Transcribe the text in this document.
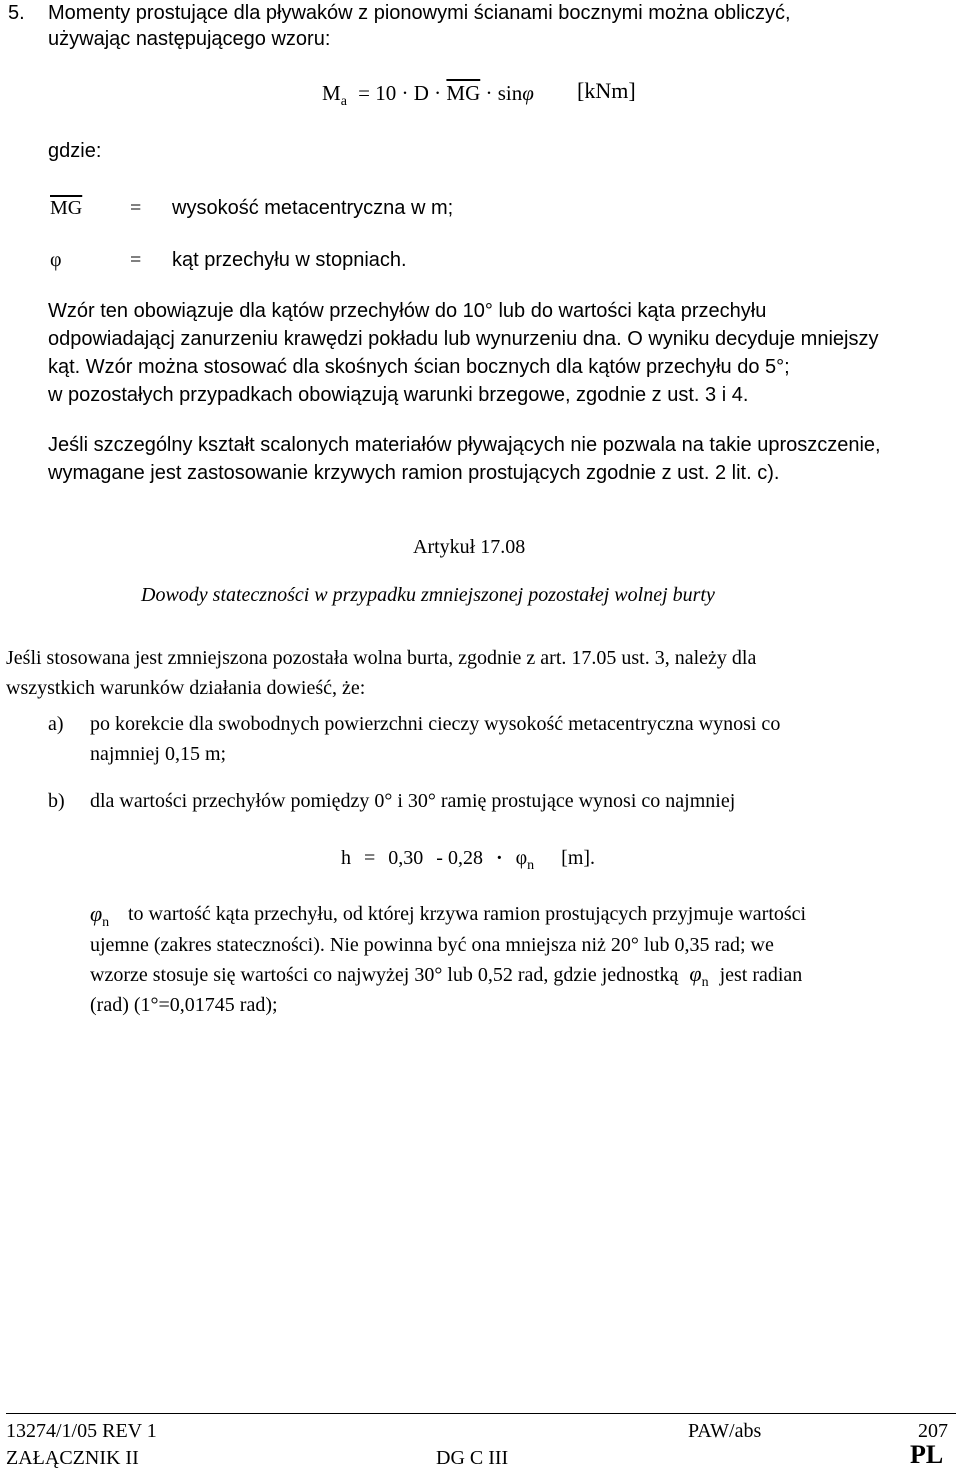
5. Momenty prostujące dla pływaków z pionowymi ścianami bocznymi można obliczyć,
używając następującego wzoru:
$M_a = 10 \cdot D \cdot \overline{MG} \cdot \sin\varphi$ [kNm]
gdzie:
$\overline{MG}$ = wysokość metacentryczna w m;
φ	= kąt przechyłu w stopniach.
Wzór ten obowiązuje dla kątów przechyłów do 10° lub do wartości kąta przechyłu
odpowiadającj zanurzeniu krawędzi pokładu lub wynurzeniu dna. O wyniku decyduje mniejszy
kąt. Wzór można stosować dla skośnych ścian bocznych dla kątów przechyłu do 5°;
w pozostałych przypadkach obowiązują warunki brzegowe, zgodnie z ust. 3 i 4.
Jeśli szczególny kształt scalonych materiałów pływających nie pozwala na takie uproszczenie,
wymagane jest zastosowanie krzywych ramion prostujących zgodnie z ust. 2 lit. c).
Artykuł 17.08
Dowody stateczności w przypadku zmniejszonej pozostałej wolnej burty
Jeśli stosowana jest zmniejszona pozostała wolna burta, zgodnie z art. 17.05 ust. 3, należy dla
wszystkich warunków działania dowieść, że:
a) po korekcie dla swobodnych powierzchni cieczy wysokość metacentryczna wynosi co
najmniej 0,15 m;
b) dla wartości przechyłów pomiędzy 0° i 30° ramię prostujące wynosi co najmniej
$h = 0,30 - 0,28 \cdot \varphi_n$ [m].
$\varphi_n$ to wartość kąta przechyłu, od której krzywa ramion prostujących przyjmuje wartości
ujemne (zakres stateczności). Nie powinna być ona mniejsza niż 20° lub 0,35 rad; we
wzorze stosuje się wartości co najwyżej 30° lub 0,52 rad, gdzie jednostką $\varphi_n$ jest radian
(rad) (1°=0,01745 rad);
13274/1/05 REV 1	PAW/abs	207
ZAŁĄCZNIK II	DG C III	PL
